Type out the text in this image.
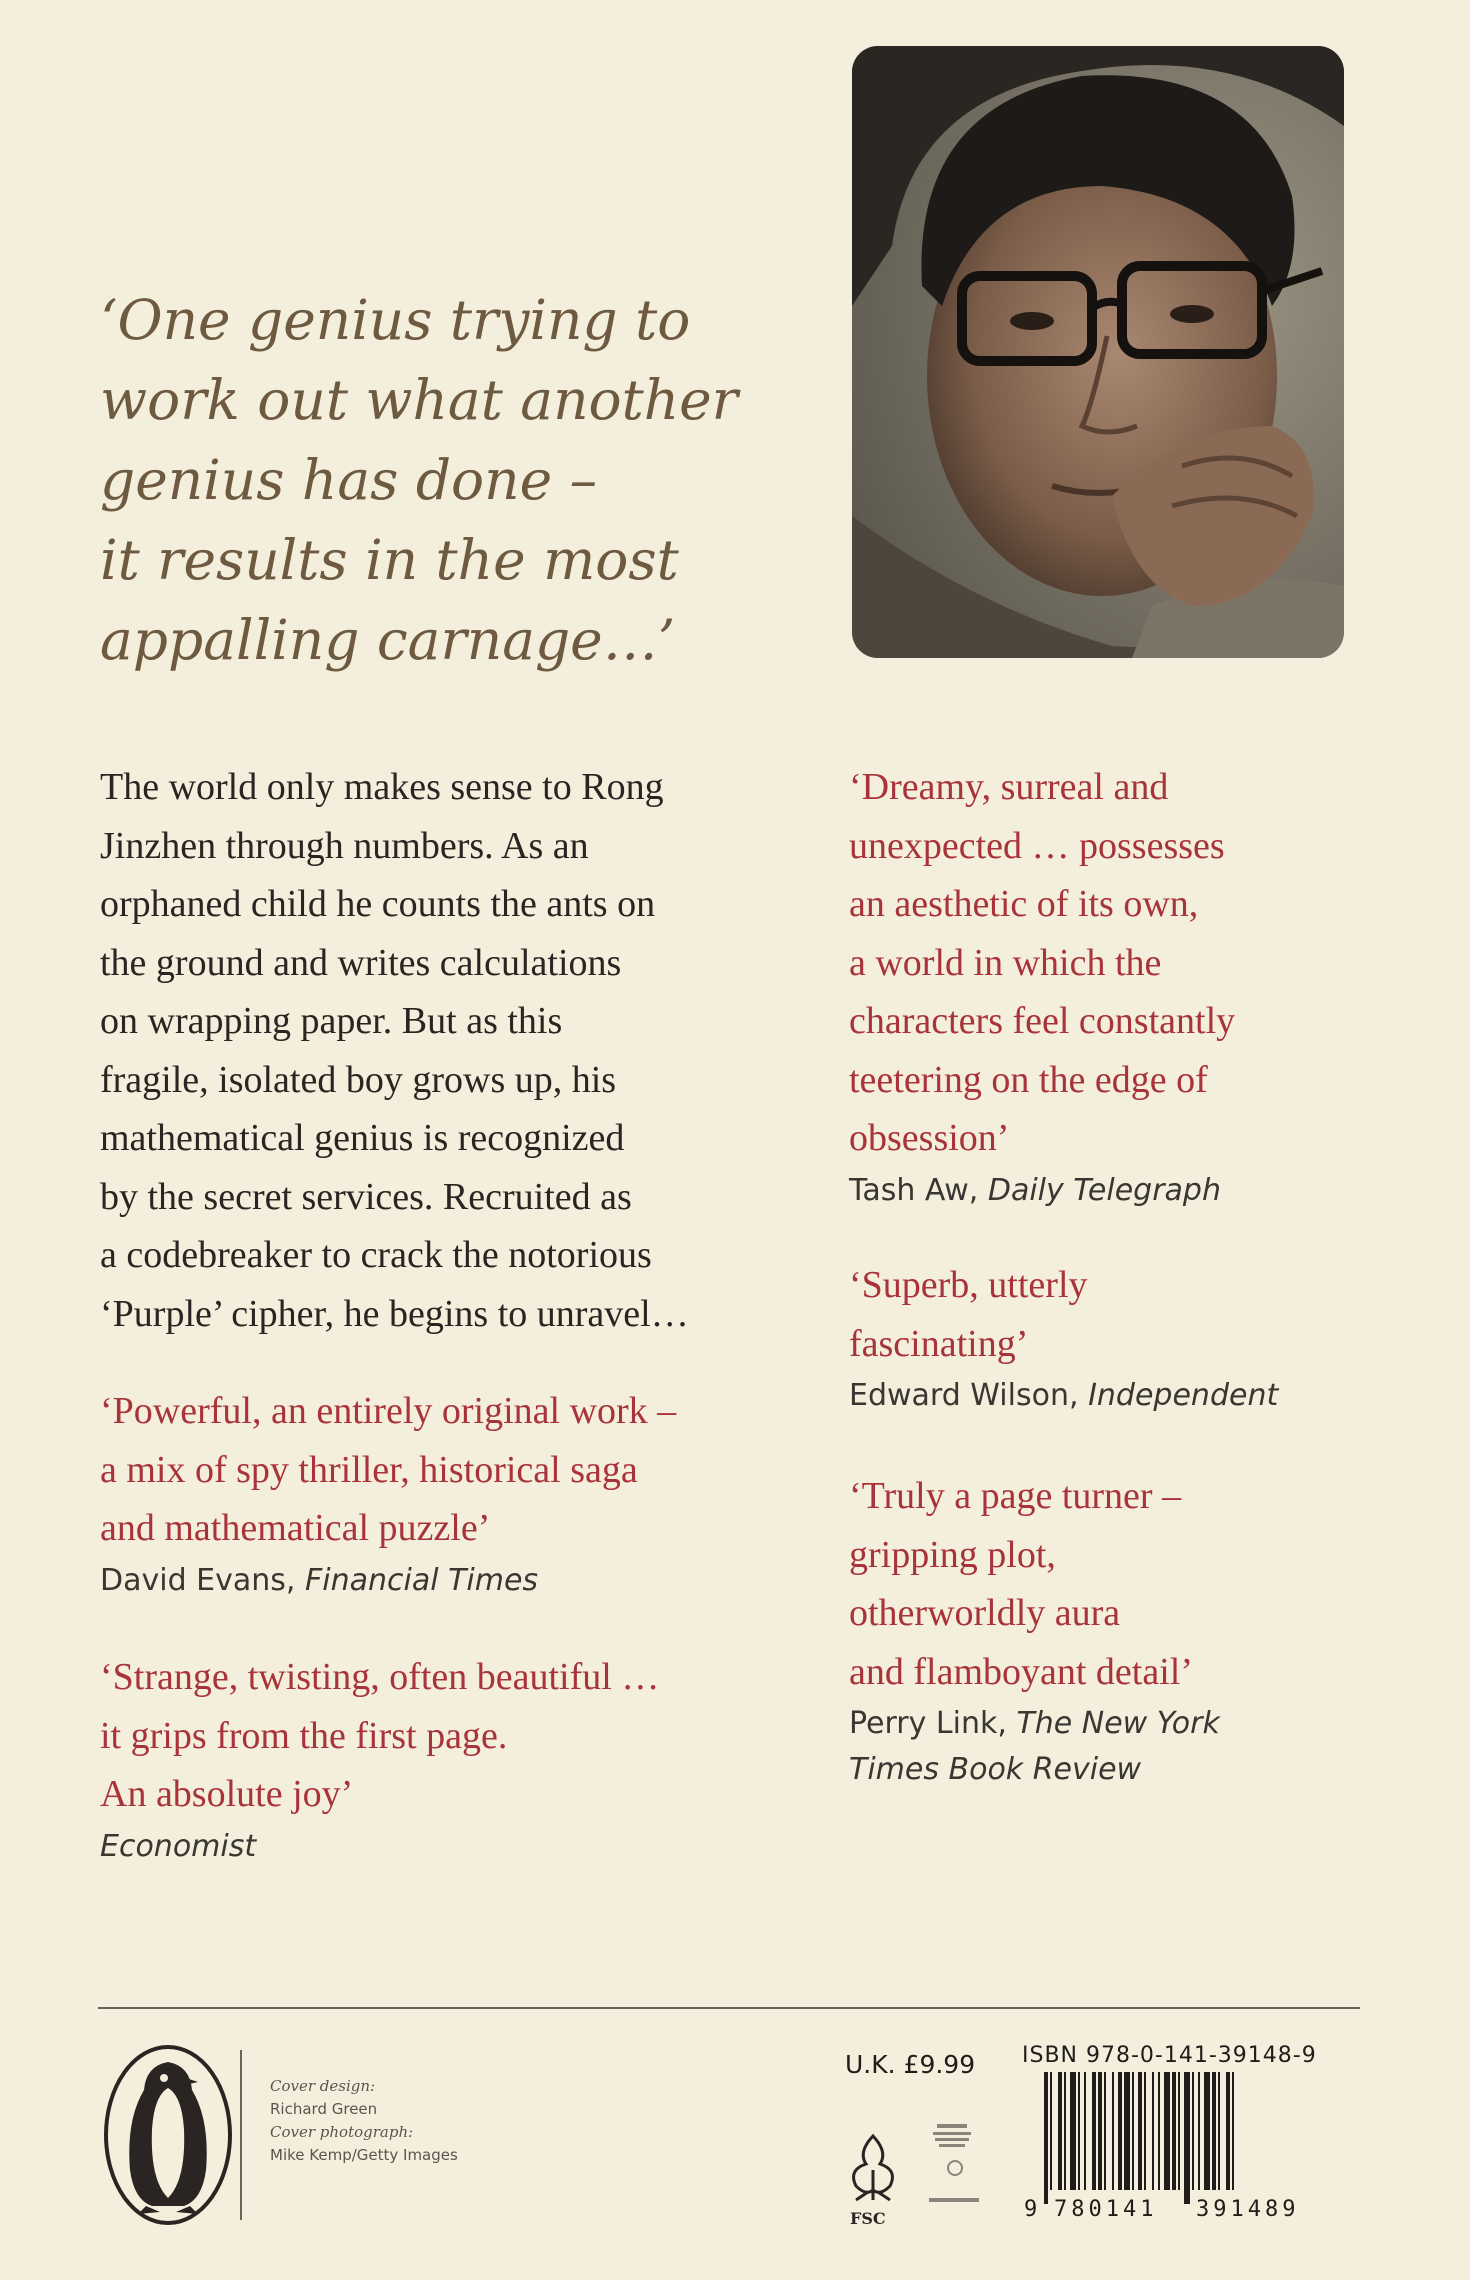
‘One genius trying to
work out what another
genius has done –
it results in the most
appalling carnage…’
The world only makes sense to Rong
Jinzhen through numbers. As an
orphaned child he counts the ants on
the ground and writes calculations
on wrapping paper. But as this
fragile, isolated boy grows up, his
mathematical genius is recognized
by the secret services. Recruited as
a codebreaker to crack the notorious
‘Purple’ cipher, he begins to unravel…
‘Powerful, an entirely original work –
a mix of spy thriller, historical saga
and mathematical puzzle’
David Evans, Financial Times
‘Strange, twisting, often beautiful …
it grips from the first page.
An absolute joy’
Economist
‘Dreamy, surreal and
unexpected … possesses
an aesthetic of its own,
a world in which the
characters feel constantly
teetering on the edge of
obsession’
Tash Aw, Daily Telegraph
‘Superb, utterly
fascinating’
Edward Wilson, Independent
‘Truly a page turner –
gripping plot,
otherworldly aura
and flamboyant detail’
Perry Link, The New York
Times Book Review
Cover design:
Richard Green
Cover photograph:
Mike Kemp/Getty Images
U.K. £9.99 ISBN 978-0-141-39148-9
9 780141 391489
FSC
